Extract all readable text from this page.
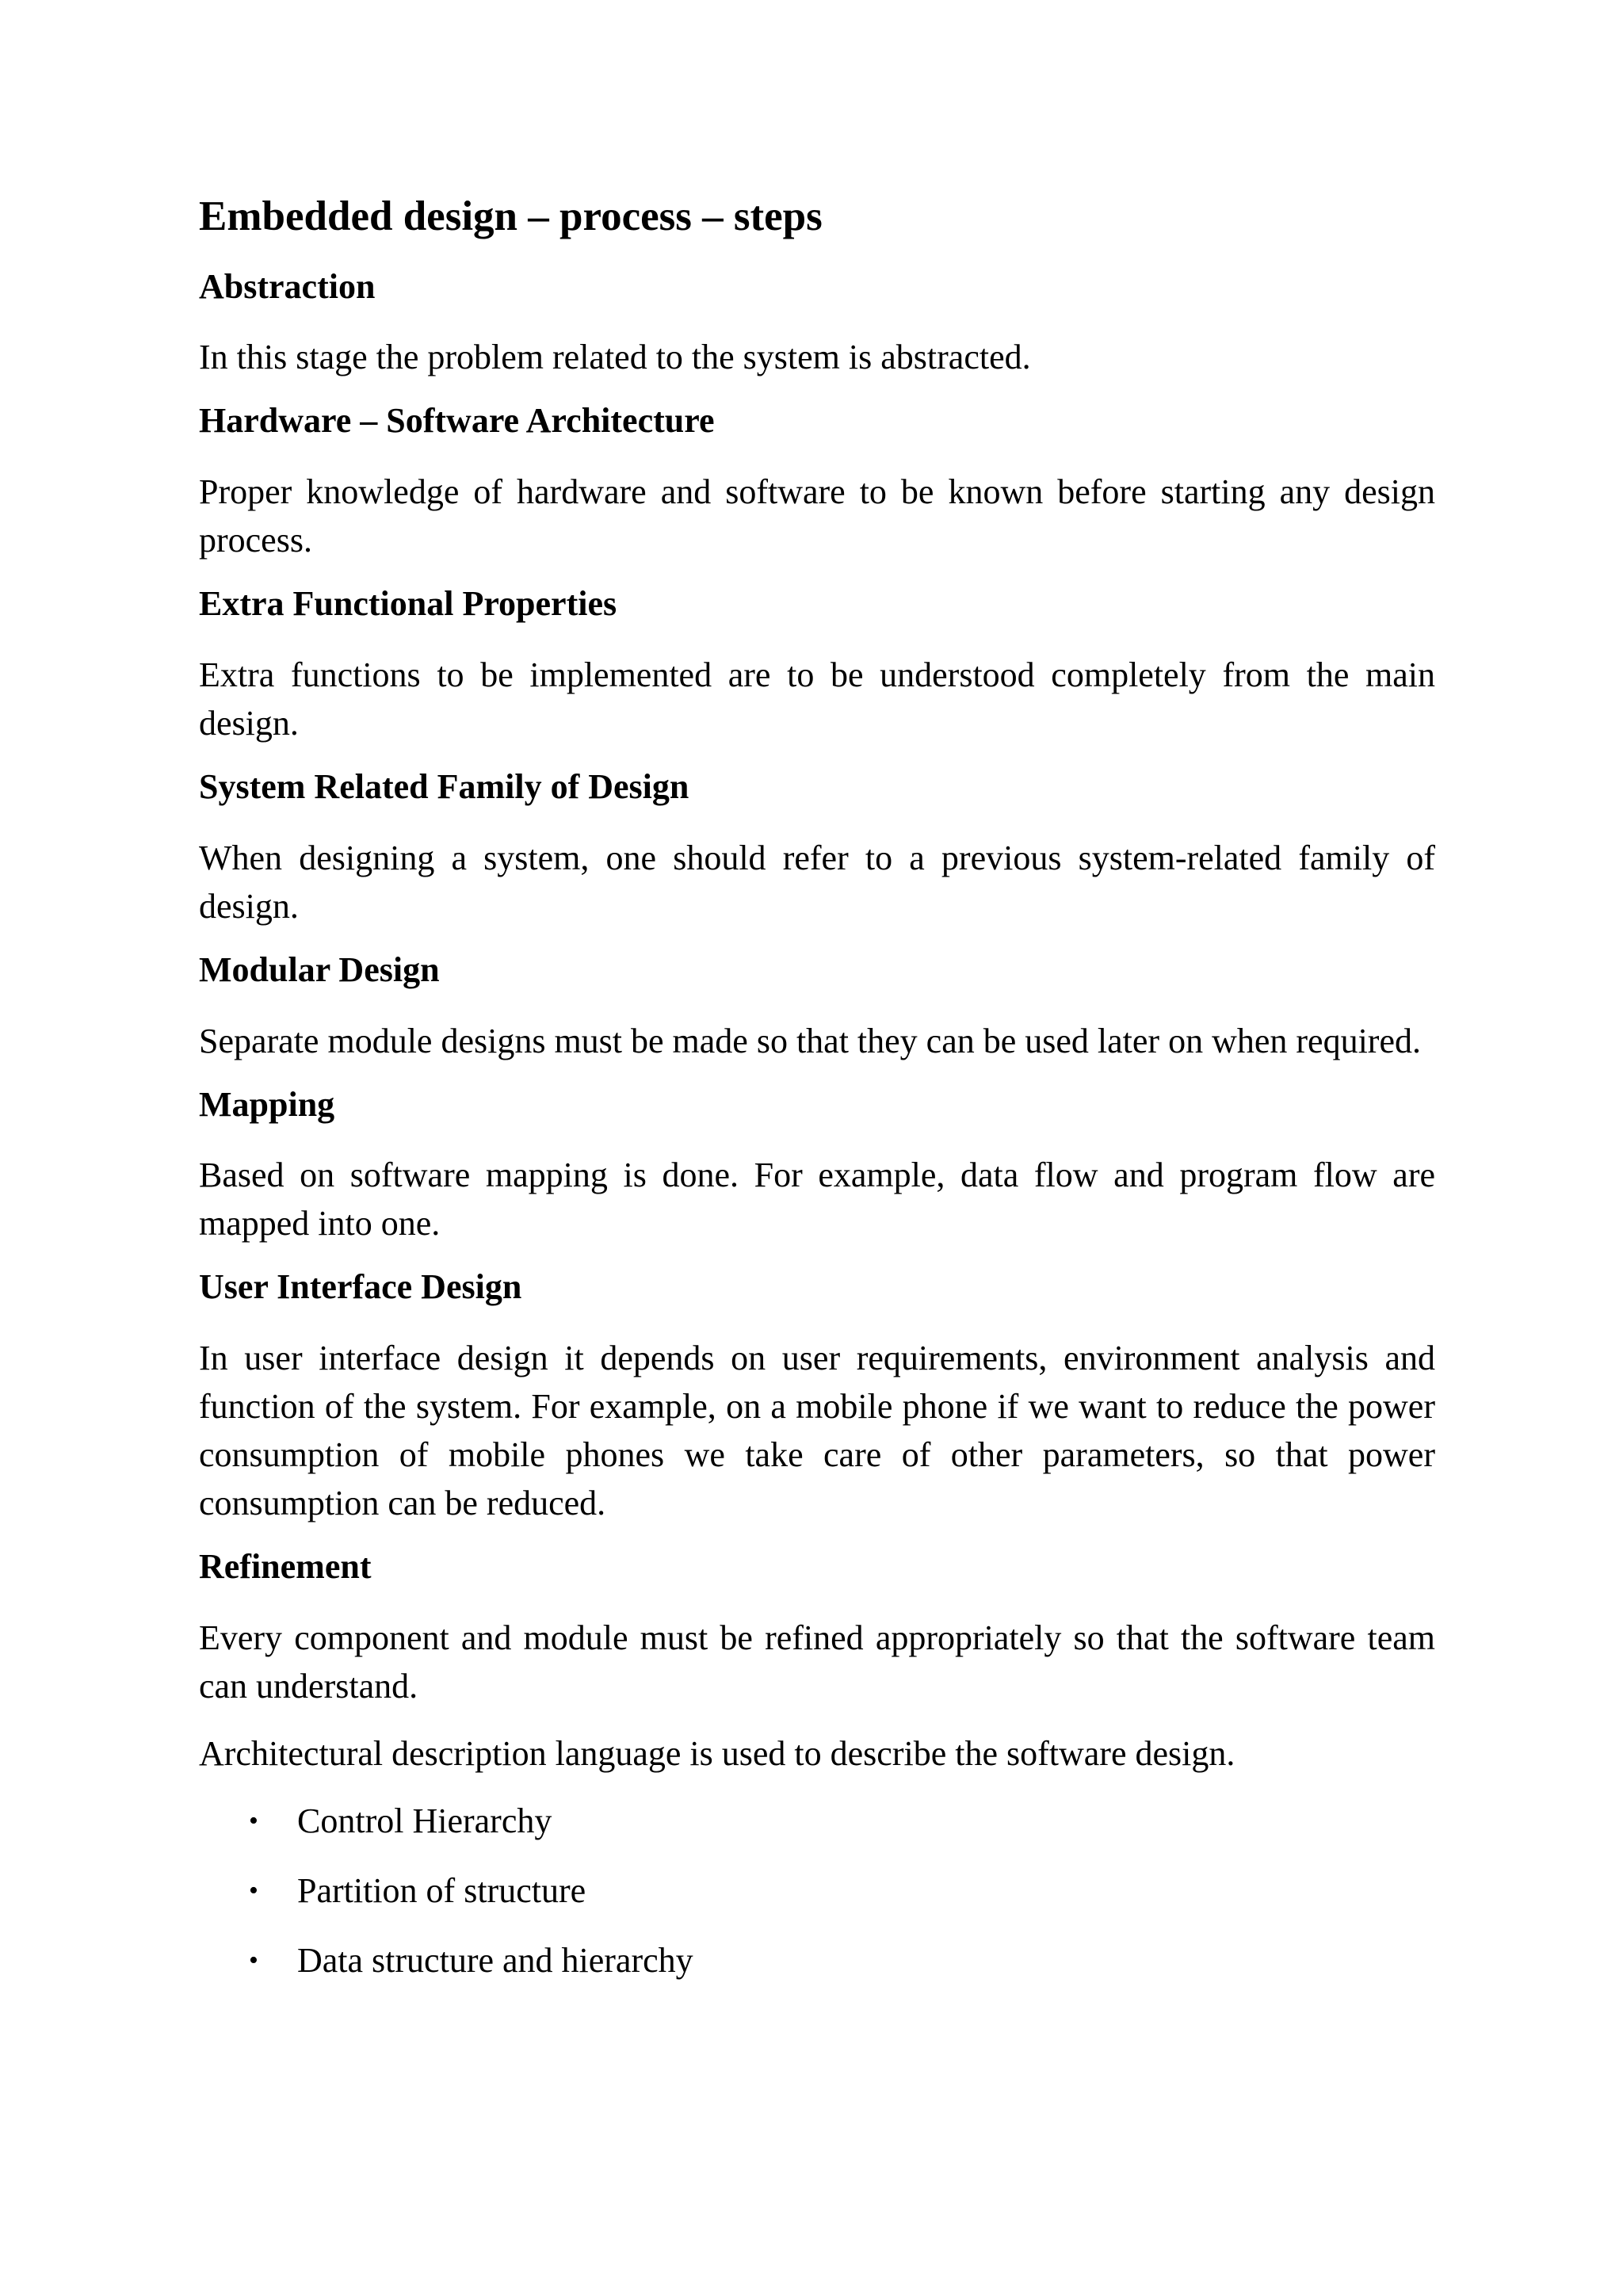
Embedded design – process – steps
Abstraction

In this stage the problem related to the system is abstracted.

Hardware – Software Architecture

Proper knowledge of hardware and software to be known before starting any design process.

Extra Functional Properties

Extra functions to be implemented are to be understood completely from the main design.

System Related Family of Design

When designing a system, one should refer to a previous system-related family of design.

Modular Design

Separate module designs must be made so that they can be used later on when required.

Mapping

Based on software mapping is done. For example, data flow and program flow are mapped into one.

User Interface Design

In user interface design it depends on user requirements, environment analysis and function of the system. For example, on a mobile phone if we want to reduce the power consumption of mobile phones we take care of other parameters, so that power consumption can be reduced.

Refinement

Every component and module must be refined appropriately so that the software team can understand.

Architectural description language is used to describe the software design.

• Control Hierarchy
• Partition of structure
• Data structure and hierarchy
